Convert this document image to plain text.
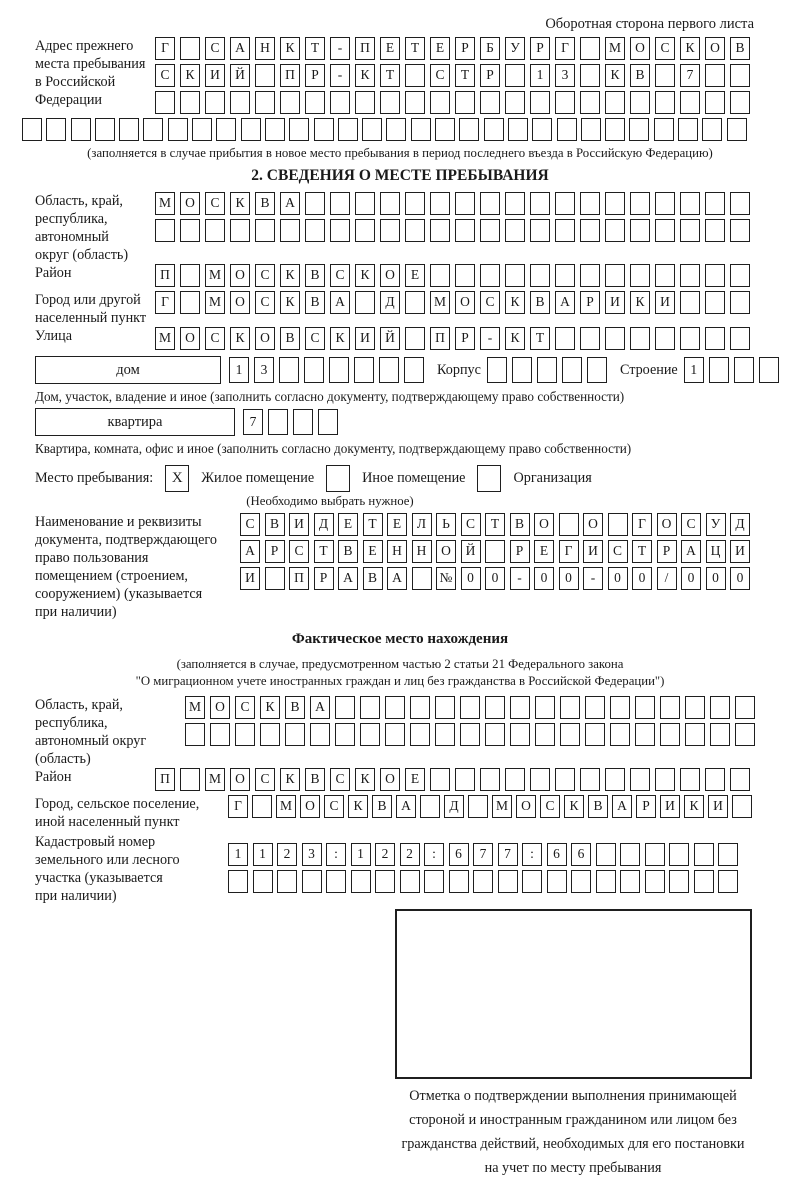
Оборотная сторона первого листа
Адрес прежнего
места пребывания
в Российской
Федерации
Г	С	А	Н	К	Т	-	П	Е	Т	Е	Р	Б	У	Р	Г	М	О	С	К	О	В
С	К	И	Й	П	Р	-	К	Т	С	Т	Р	1	3	К	В	7
(заполняется в случае прибытия в новое место пребывания в период последнего въезда в Российскую Федерацию)
2. СВЕДЕНИЯ О МЕСТЕ ПРЕБЫВАНИЯ
Область, край,
республика,
автономный
округ (область)
М	О	С	К	В	А
Район	П	М	О	С	К	В	С	К	О	Е
Город или другой
населенный пункт
Г	М	О	С	К	В	А	Д	М	О	С	К	В	А	Р	И	К	И
Улица	М	О	С	К	О	В	С	К	И	Й	П	Р	-	К	Т
дом	1	3	Корпус	Строение 1
Дом, участок, владение и иное (заполнить согласно документу, подтверждающему право собственности)
квартира	7
Квартира, комната, офис и иное (заполнить согласно документу, подтверждающему право собственности)
Место пребывания:	X	Жилое помещение	Иное помещение	Организация
(Необходимо выбрать нужное)
Наименование и реквизиты
документа, подтверждающего
право пользования
помещением (строением,
сооружением) (указывается
при наличии)
С	В	И	Д	Е	Т	Е	Л	Ь	С	Т	В	О	О	Г	О	С	У	Д
А	Р	С	Т	В	Е	Н	Н	О	Й	Р	Е	Г	И	С	Т	Р	А	Ц	И
И	П	Р	А	В	А	№	0	0	-	0	0	-	0	0	/	0	0	0
Фактическое место нахождения
(заполняется в случае, предусмотренном частью 2 статьи 21 Федерального закона
"О миграционном учете иностранных граждан и лиц без гражданства в Российской Федерации")
Область, край,
республика,
автономный округ
(область)
М	О	С	К	В	А
Район	П	М	О	С	К	В	С	К	О	Е
Город, сельское поселение,
иной населенный пункт
Г	М О	С	К	В	А	Д	М О	С	К	В	А	Р	И	К	И
Кадастровый номер
земельного или лесного
участка (указывается
при наличии)
1	1	2	3	:	1	2	2	:	6	7	7	:	6	6
Отметка о подтверждении выполнения принимающей
стороной и иностранным гражданином или лицом без
гражданства действий, необходимых для его постановки
на учет по месту пребывания
